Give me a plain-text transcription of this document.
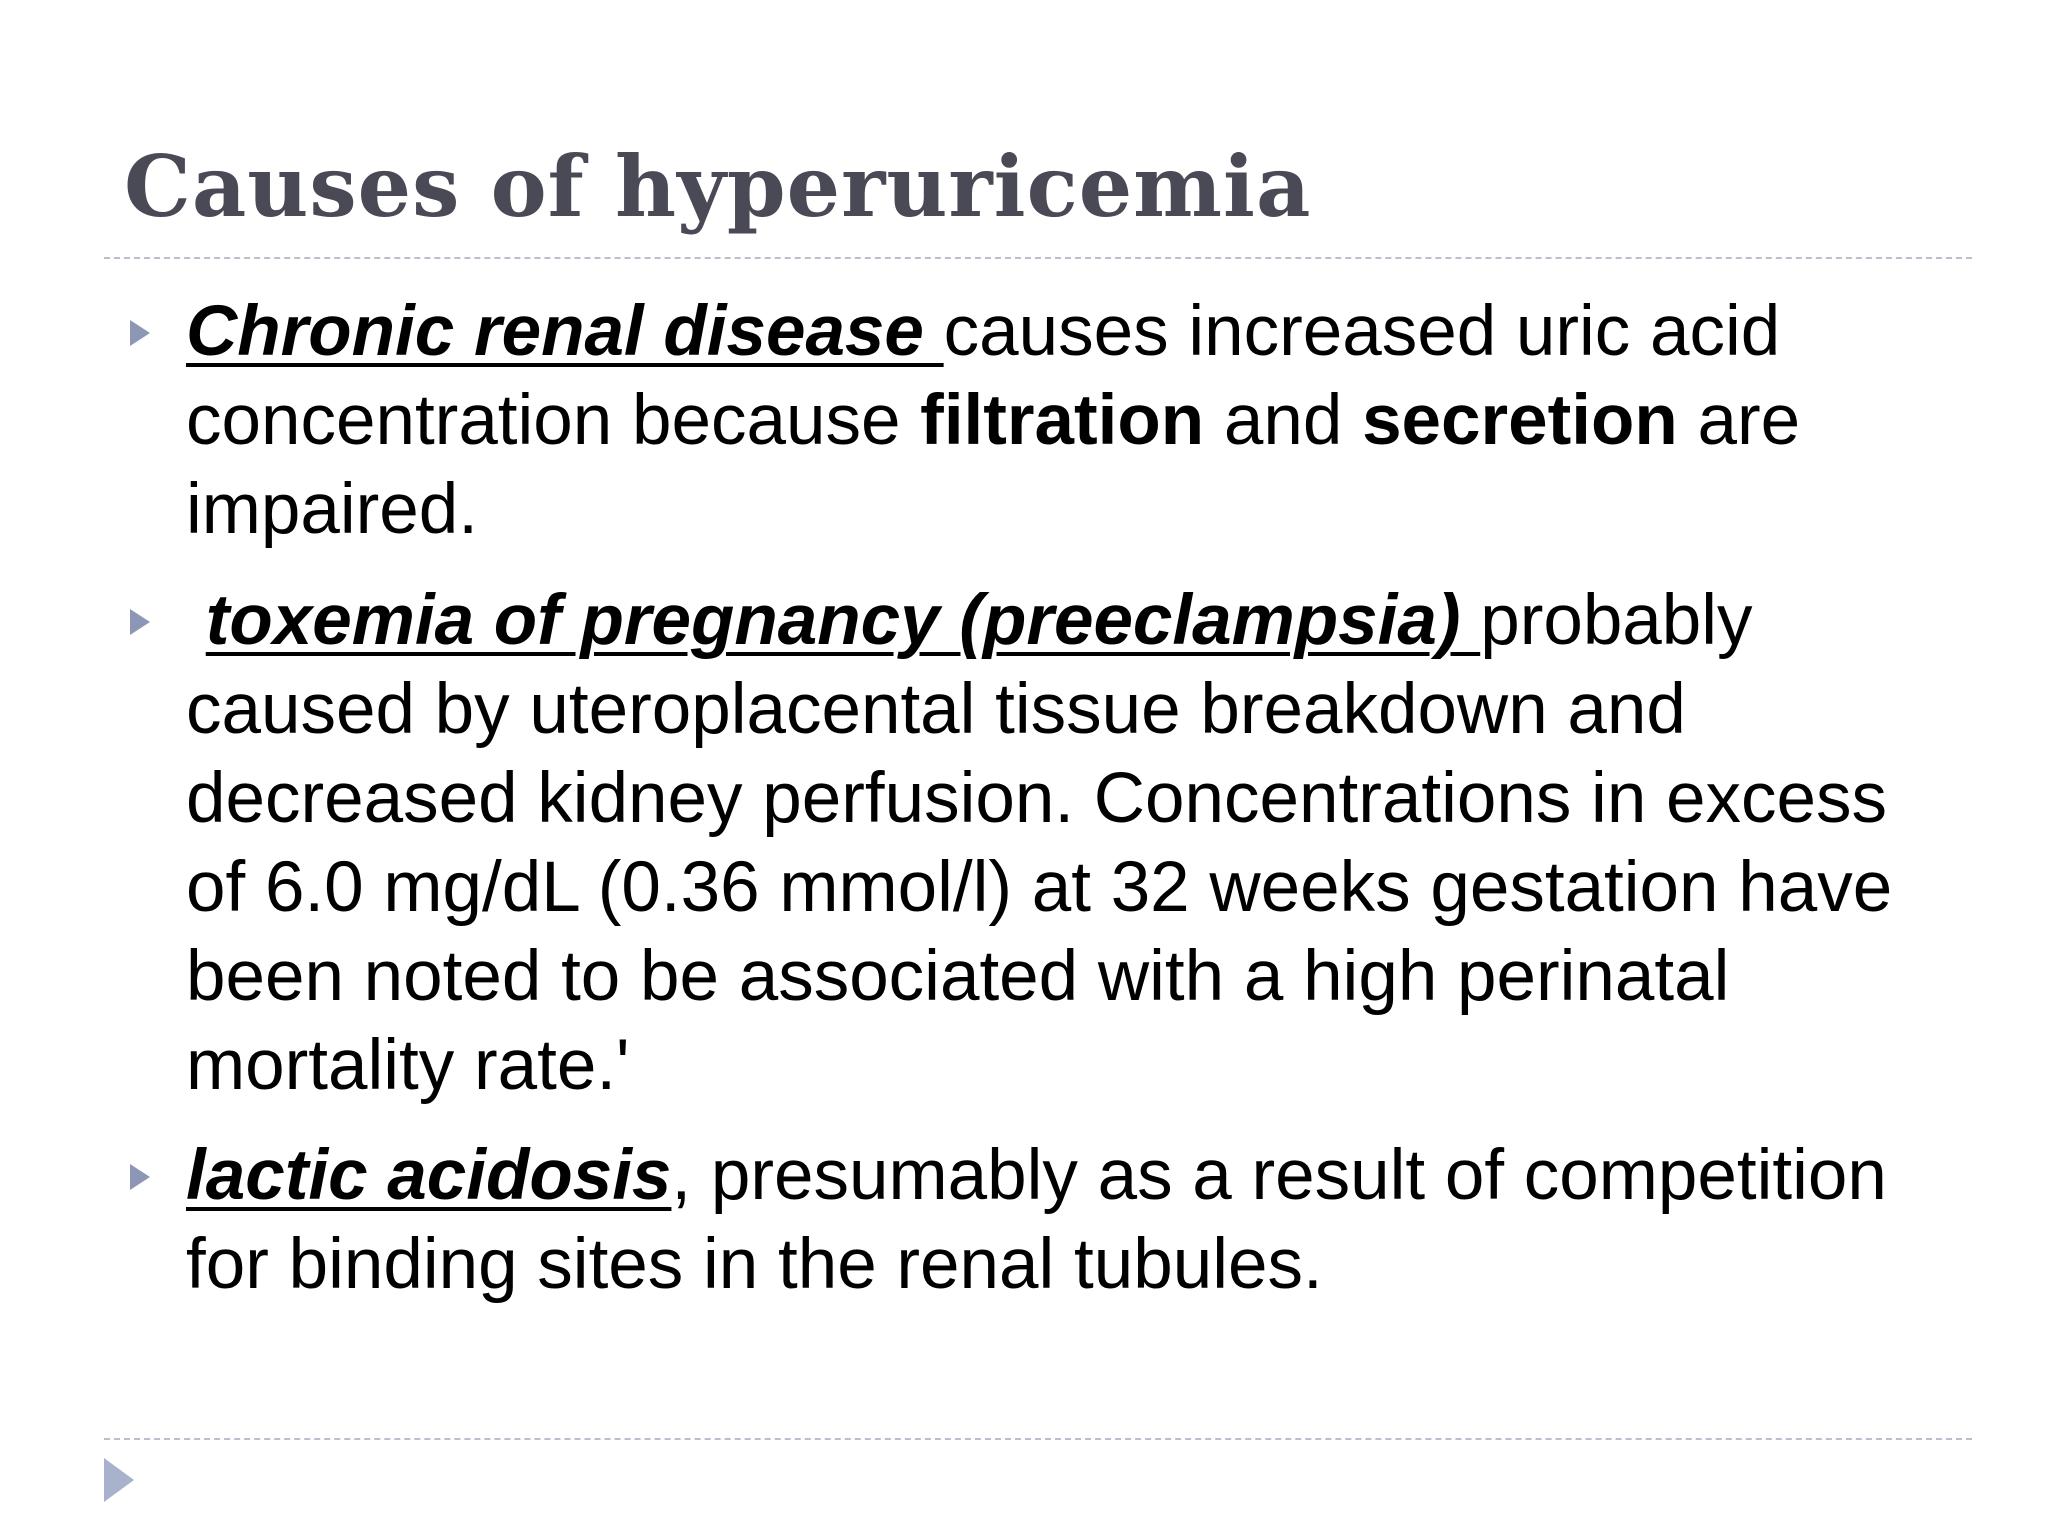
Causes of hyperuricemia
Chronic renal disease causes increased uric acid concentration because filtration and secretion are impaired.
toxemia of pregnancy (preeclampsia) probably caused by uteroplacental tissue breakdown and decreased kidney perfusion. Concentrations in excess of 6.0 mg/dL (0.36 mmol/l) at 32 weeks gestation have been noted to be associated with a high perinatal mortality rate.'
lactic acidosis, presumably as a result of competition for binding sites in the renal tubules.
